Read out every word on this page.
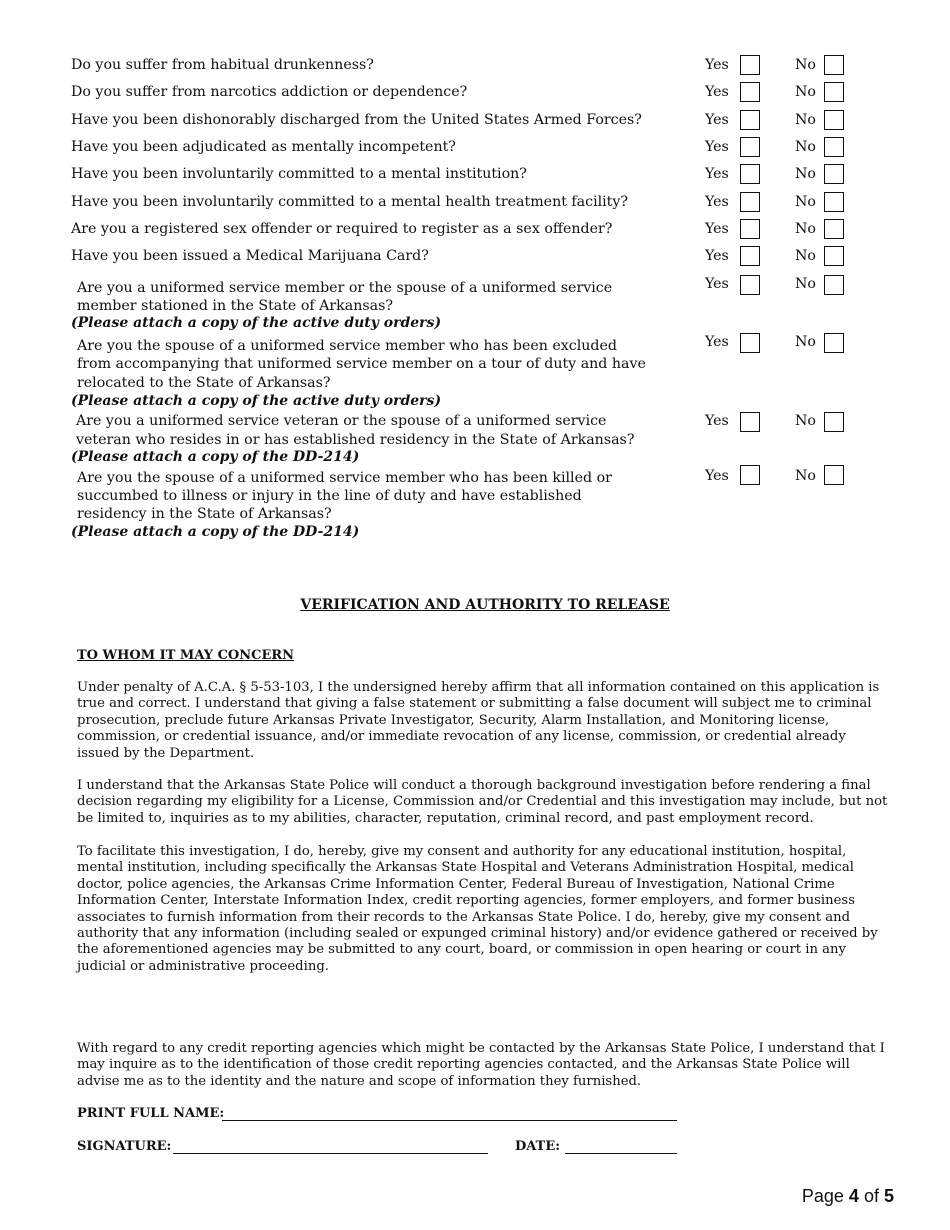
Do you suffer from habitual drunkenness?	Yes	No
Do you suffer from narcotics addiction or dependence?	Yes	No
Have you been dishonorably discharged from the United States Armed Forces?	Yes	No
Have you been adjudicated as mentally incompetent?	Yes	No
Have you been involuntarily committed to a mental institution?	Yes	No
Have you been involuntarily committed to a mental health treatment facility?	Yes	No
Are you a registered sex offender or required to register as a sex offender?	Yes	No
Have you been issued a Medical Marijuana Card?	Yes	No
Are you a uniformed service member or the spouse of a uniformed service
member stationed in the State of Arkansas?
(Please attach a copy of the active duty orders)
Yes	No
Are you the spouse of a uniformed service member who has been excluded
from accompanying that uniformed service member on a tour of duty and have
relocated to the State of Arkansas?
(Please attach a copy of the active duty orders)
Yes	No
Are you a uniformed service veteran or the spouse of a uniformed service
veteran who resides in or has established residency in the State of Arkansas?
(Please attach a copy of the DD-214)
Yes	No
Are you the spouse of a uniformed service member who has been killed or
succumbed to illness or injury in the line of duty and have established
residency in the State of Arkansas?
(Please attach a copy of the DD-214)
Yes	No
VERIFICATION AND AUTHORITY TO RELEASE
TO WHOM IT MAY CONCERN
Under penalty of A.C.A. § 5-53-103, I the undersigned hereby affirm that all information contained on this application is true and correct. I understand that giving a false statement or submitting a false document will subject me to criminal prosecution, preclude future Arkansas Private Investigator, Security, Alarm Installation, and Monitoring license, commission, or credential issuance, and/or immediate revocation of any license, commission, or credential already issued by the Department.
I understand that the Arkansas State Police will conduct a thorough background investigation before rendering a final decision regarding my eligibility for a License, Commission and/or Credential and this investigation may include, but not be limited to, inquiries as to my abilities, character, reputation, criminal record, and past employment record.
To facilitate this investigation, I do, hereby, give my consent and authority for any educational institution, hospital, mental institution, including specifically the Arkansas State Hospital and Veterans Administration Hospital, medical doctor, police agencies, the Arkansas Crime Information Center, Federal Bureau of Investigation, National Crime Information Center, Interstate Information Index, credit reporting agencies, former employers, and former business associates to furnish information from their records to the Arkansas State Police. I do, hereby, give my consent and authority that any information (including sealed or expunged criminal history) and/or evidence gathered or received by the aforementioned agencies may be submitted to any court, board, or commission in open hearing or court in any judicial or administrative proceeding.
With regard to any credit reporting agencies which might be contacted by the Arkansas State Police, I understand that I may inquire as to the identification of those credit reporting agencies contacted, and the Arkansas State Police will advise me as to the identity and the nature and scope of information they furnished.
PRINT FULL NAME:
SIGNATURE:	DATE:
Page 4 of 5
